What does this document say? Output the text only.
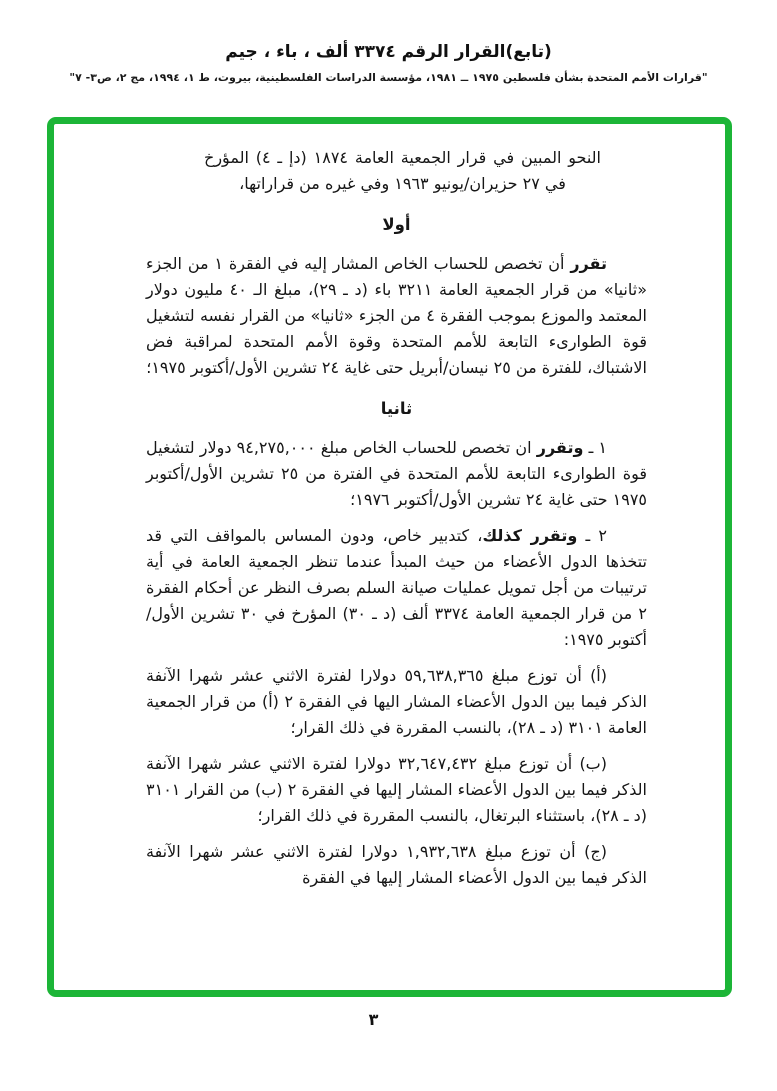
(تابع)القرار الرقم ٣٣٧٤ ألف ، باء ، جيم
"قرارات الأمم المتحدة بشأن فلسطين ١٩٧٥ ــ ١٩٨١، مؤسسة الدراسات الفلسطينية، بيروت، ط ١، ١٩٩٤، مج ٢، ص٣- ٧"

النحو المبين في قرار الجمعية العامة ١٨٧٤ (دإ ـ ٤) المؤرخ في ٢٧ حزيران/يونيو ١٩٦٣ وفي غيره من قراراتها،

أولا

تقرر أن تخصص للحساب الخاص المشار إليه في الفقرة ١ من الجزء «ثانيا» من قرار الجمعية العامة ٣٢١١ باء (د ـ ٢٩)، مبلغ الـ ٤٠ مليون دولار المعتمد والموزع بموجب الفقرة ٤ من الجزء «ثانيا» من القرار نفسه لتشغيل قوة الطوارىء التابعة للأمم المتحدة وقوة الأمم المتحدة لمراقبة فض الاشتباك، للفترة من ٢٥ نيسان/أبريل حتى غاية ٢٤ تشرين الأول/أكتوبر ١٩٧٥؛

ثانيا

١ ـ وتقرر ان تخصص للحساب الخاص مبلغ ٩٤,٢٧٥,٠٠٠ دولار لتشغيل قوة الطوارىء التابعة للأمم المتحدة في الفترة من ٢٥ تشرين الأول/أكتوبر ١٩٧٥ حتى غاية ٢٤ تشرين الأول/أكتوبر ١٩٧٦؛

٢ ـ وتقرر كذلك، كتدبير خاص، ودون المساس بالمواقف التي قد تتخذها الدول الأعضاء من حيث المبدأ عندما تنظر الجمعية العامة في أية ترتيبات من أجل تمويل عمليات صيانة السلم بصرف النظر عن أحكام الفقرة ٢ من قرار الجمعية العامة ٣٣٧٤ ألف (د ـ ٣٠) المؤرخ في ٣٠ تشرين الأول/أكتوبر ١٩٧٥:

(أ) أن توزع مبلغ ٥٩,٦٣٨,٣٦٥ دولارا لفترة الاثني عشر شهرا الآنفة الذكر فيما بين الدول الأعضاء المشار اليها في الفقرة ٢ (أ) من قرار الجمعية العامة ٣١٠١ (د ـ ٢٨)، بالنسب المقررة في ذلك القرار؛

(ب) أن توزع مبلغ ٣٢,٦٤٧,٤٣٢ دولارا لفترة الاثني عشر شهرا الآنفة الذكر فيما بين الدول الأعضاء المشار إليها في الفقرة ٢ (ب) من القرار ٣١٠١ (د ـ ٢٨)، باستثناء البرتغال، بالنسب المقررة في ذلك القرار؛

(ج) أن توزع مبلغ ١,٩٣٢,٦٣٨ دولارا لفترة الاثني عشر شهرا الآنفة الذكر فيما بين الدول الأعضاء المشار إليها في الفقرة

٣
